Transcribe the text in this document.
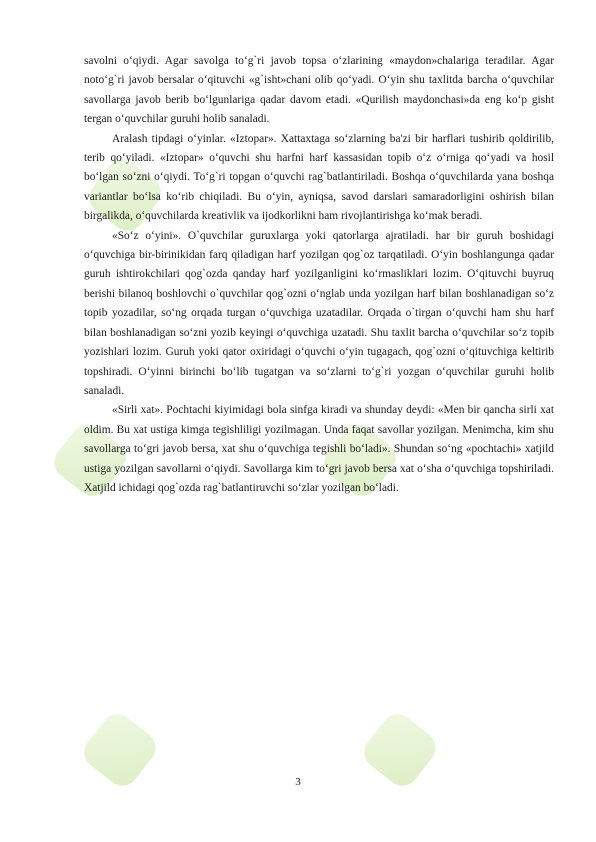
savolni o‘qiydi. Agar savolga to‘g`ri javob topsa o‘zlarining «maydon»chalariga teradilar. Agar noto‘g`ri javob bersalar o‘qituvchi «g`isht»chani olib qo‘yadi. O‘yin shu taxlitda barcha o‘quvchilar savollarga javob berib bo‘lgunlariga qadar davom etadi. «Qurilish maydonchasi»da eng ko‘p gisht tergan o‘quvchilar guruhi holib sanaladi.

Aralash tipdagi o‘yinlar. «Iztopar». Xattaxtaga so‘zlarning ba'zi bir harflari tushirib qoldirilib, terib qo‘yiladi. «Iztopar» o‘quvchi shu harfni harf kassasidan topib o‘z o‘rniga qo‘yadi va hosil bo‘lgan so‘zni o‘qiydi. To‘g`ri topgan o‘quvchi rag`batlantiriladi. Boshqa o‘quvchilarda yana boshqa variantlar bo‘lsa ko‘rib chiqiladi. Bu o‘yin, ayniqsa, savod darslari samaradorligini oshirish bilan birgalikda, o‘quvchilarda kreativlik va ijodkorlikni ham rivojlantirishga ko‘mak beradi.

«So‘z o‘yini». O`quvchilar guruxlarga yoki qatorlarga ajratiladi. har bir guruh boshidagi o‘quvchiga bir-birinikidan farq qiladigan harf yozilgan qog`oz tarqatiladi. O‘yin boshlangunga qadar guruh ishtirokchilari qog`ozda qanday harf yozilganligini ko‘rmasliklari lozim. O‘qituvchi buyruq berishi bilanoq boshlovchi o`quvchilar qog`ozni o‘nglab unda yozilgan harf bilan boshlanadigan so‘z topib yozadilar, so‘ng orqada turgan o‘quvchiga uzatadilar. Orqada o`tirgan o‘quvchi ham shu harf bilan boshlanadigan so‘zni yozib keyingi o‘quvchiga uzatadi. Shu taxlit barcha o‘quvchilar so‘z topib yozishlari lozim. Guruh yoki qator oxiridagi o‘quvchi o‘yin tugagach, qog`ozni o‘qituvchiga keltirib topshiradi. O‘yinni birinchi bo‘lib tugatgan va so‘zlarni to‘g`ri yozgan o‘quvchilar guruhi holib sanaladi.

«Sirli xat». Pochtachi kiyimidagi bola sinfga kiradi va shunday deydi: «Men bir qancha sirli xat oldim. Bu xat ustiga kimga tegishliligi yozilmagan. Unda faqat savollar yozilgan. Menimcha, kim shu savollarga to‘gri javob bersa, xat shu o‘quvchiga tegishli bo‘ladi». Shundan so‘ng «pochtachi» xatjild ustiga yozilgan savollarni o‘qiydi. Savollarga kim to‘gri javob bersa xat o‘sha o‘quvchiga topshiriladi. Xatjild ichidagi qog`ozda rag`batlantiruvchi so‘zlar yozilgan bo‘ladi.

3
